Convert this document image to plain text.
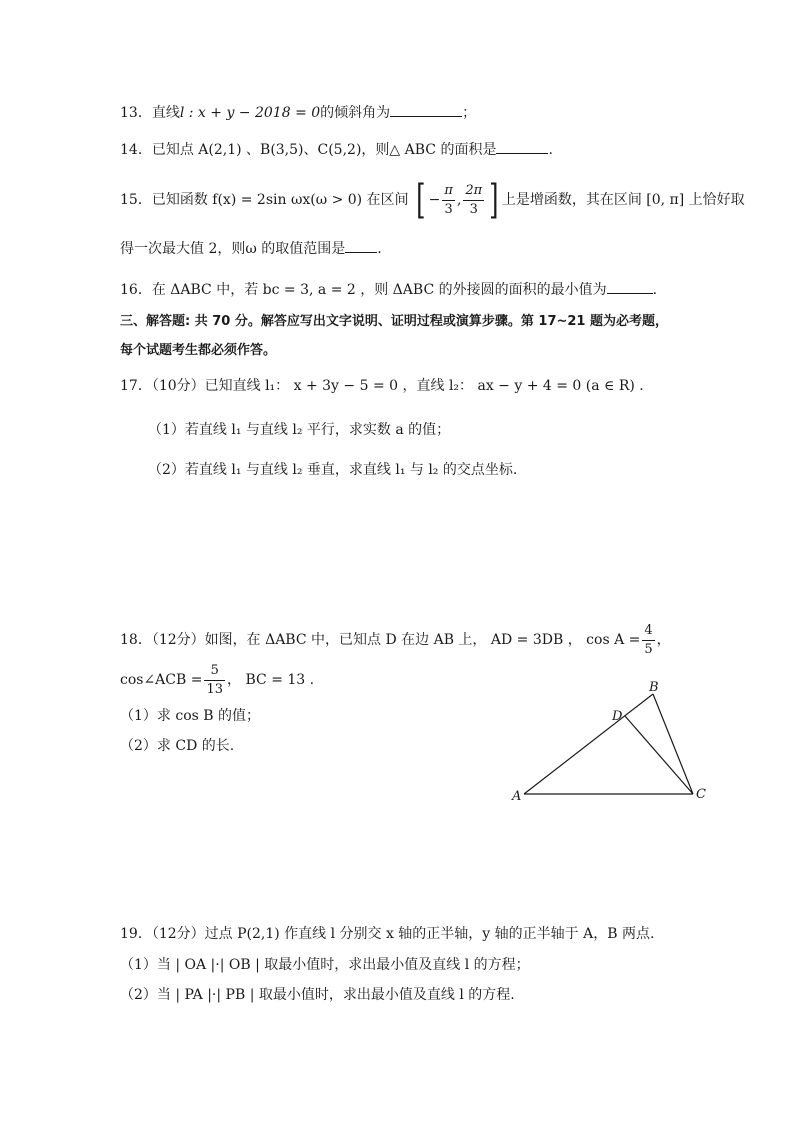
13．直线l : x + y − 2018 = 0的倾斜角为	；
14．已知点 A(2,1) 、B(3,5)、C(5,2)，则△ ABC 的面积是	.
15．已知函数 f(x) = 2sin ωx(ω > 0) 在区间 [ − $\frac{\pi}{3}$ , $\frac{2\pi}{3}$ ] 上是增函数，其在区间 [0, π] 上恰好取
得一次最大值 2，则ω 的取值范围是 .
16．在 ΔABC 中，若 bc = 3, a = 2 ，则 ΔABC 的外接圆的面积的最小值为	.
三、解答题: 共 70 分。解答应写出文字说明、证明过程或演算步骤。第 17~21 题为必考题，
每个试题考生都必须作答。
17．（10分）已知直线 l₁： x + 3y − 5 = 0 ，直线 l₂： ax − y + 4 = 0 (a ∈ R) .
（1）若直线 l₁ 与直线 l₂ 平行，求实数 a 的值；
（2）若直线 l₁ 与直线 l₂ 垂直，求直线 l₁ 与 l₂ 的交点坐标.
18．（12分）如图，在 ΔABC 中，已知点 D 在边 AB 上， AD = 3DB ， $\cos A = \frac{4}{5}$ ，
cos∠ACB = $\frac{5}{13}$ ， BC = 13 .
（1）求 cos B 的值；
（2）求 CD 的长.
A
B
C
D
19．（12分）过点 P(2,1) 作直线 l 分别交 x 轴的正半轴，y 轴的正半轴于 A，B 两点.
（1）当 | OA |·| OB | 取最小值时，求出最小值及直线 l 的方程；
（2）当 | PA |·| PB | 取最小值时，求出最小值及直线 l 的方程.
